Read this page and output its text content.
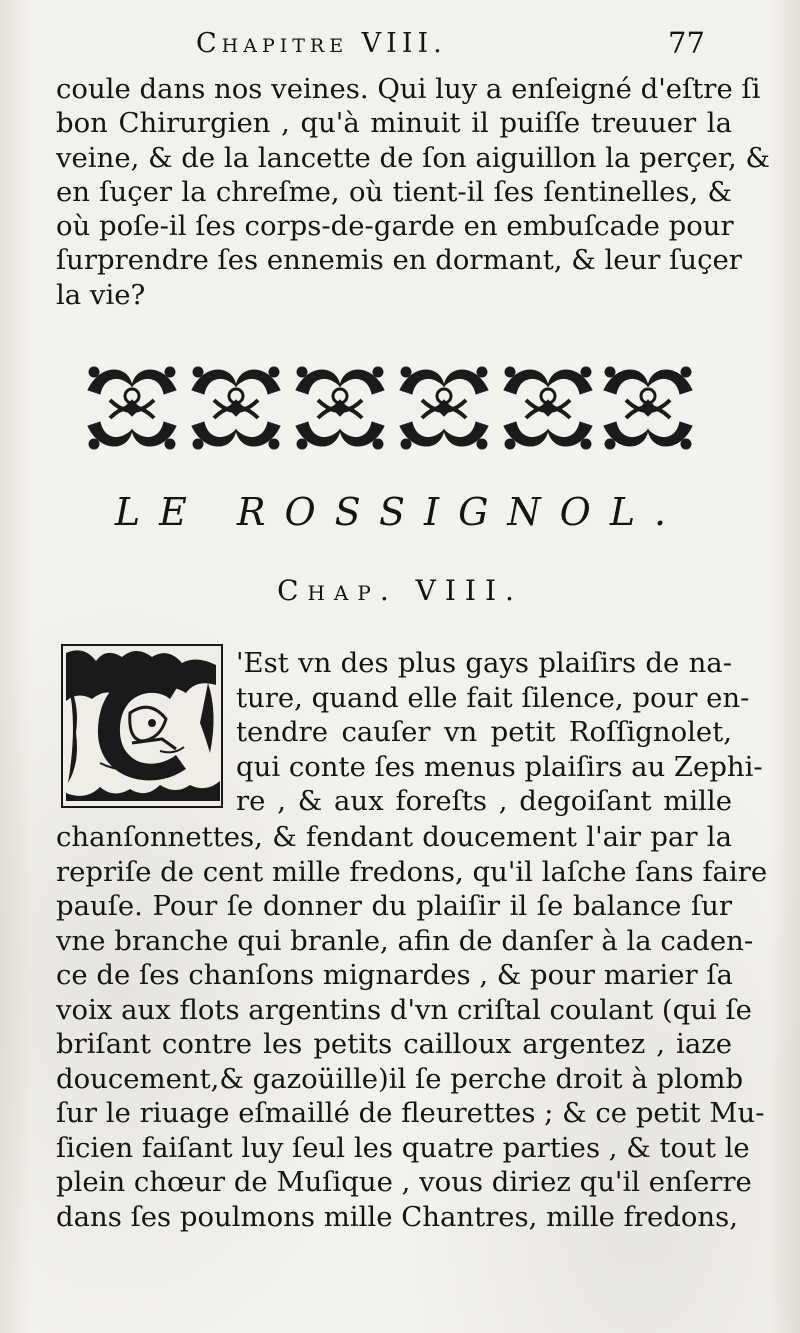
Chapitre VIII.	77
coule dans nos veines. Qui luy a enſeigné d'eſtre ſi
bon Chirurgien , qu'à minuit il puiſſe treuuer la
veine, & de la lancette de ſon aiguillon la perçer, &
en ſuçer la chreſme, où tient-il ſes ſentinelles, &
où poſe-il ſes corps-de-garde en embuſcade pour
ſurprendre ſes ennemis en dormant, & leur ſuçer
la vie?
LE ROSSIGNOL.
Chap. VIII.
'Est vn des plus gays plaiſirs de na-
ture, quand elle fait ſilence, pour en-
tendre cauſer vn petit Roſſignolet,
qui conte ſes menus plaiſirs au Zephi-
re , & aux foreſts , degoiſant mille
chanſonnettes, & fendant doucement l'air par la
repriſe de cent mille fredons, qu'il laſche ſans faire
pauſe. Pour ſe donner du plaiſir il ſe balance ſur
vne branche qui branle, afin de danſer à la caden-
ce de ſes chanſons mignardes , & pour marier ſa
voix aux flots argentins d'vn criſtal coulant (qui ſe
briſant contre les petits cailloux argentez , iaze
doucement,& gazoüille)il ſe perche droit à plomb
ſur le riuage eſmaillé de fleurettes ; & ce petit Mu-
ſicien faiſant luy ſeul les quatre parties , & tout le
plein chœur de Muſique , vous diriez qu'il enſerre
dans ſes poulmons mille Chantres, mille fredons,
